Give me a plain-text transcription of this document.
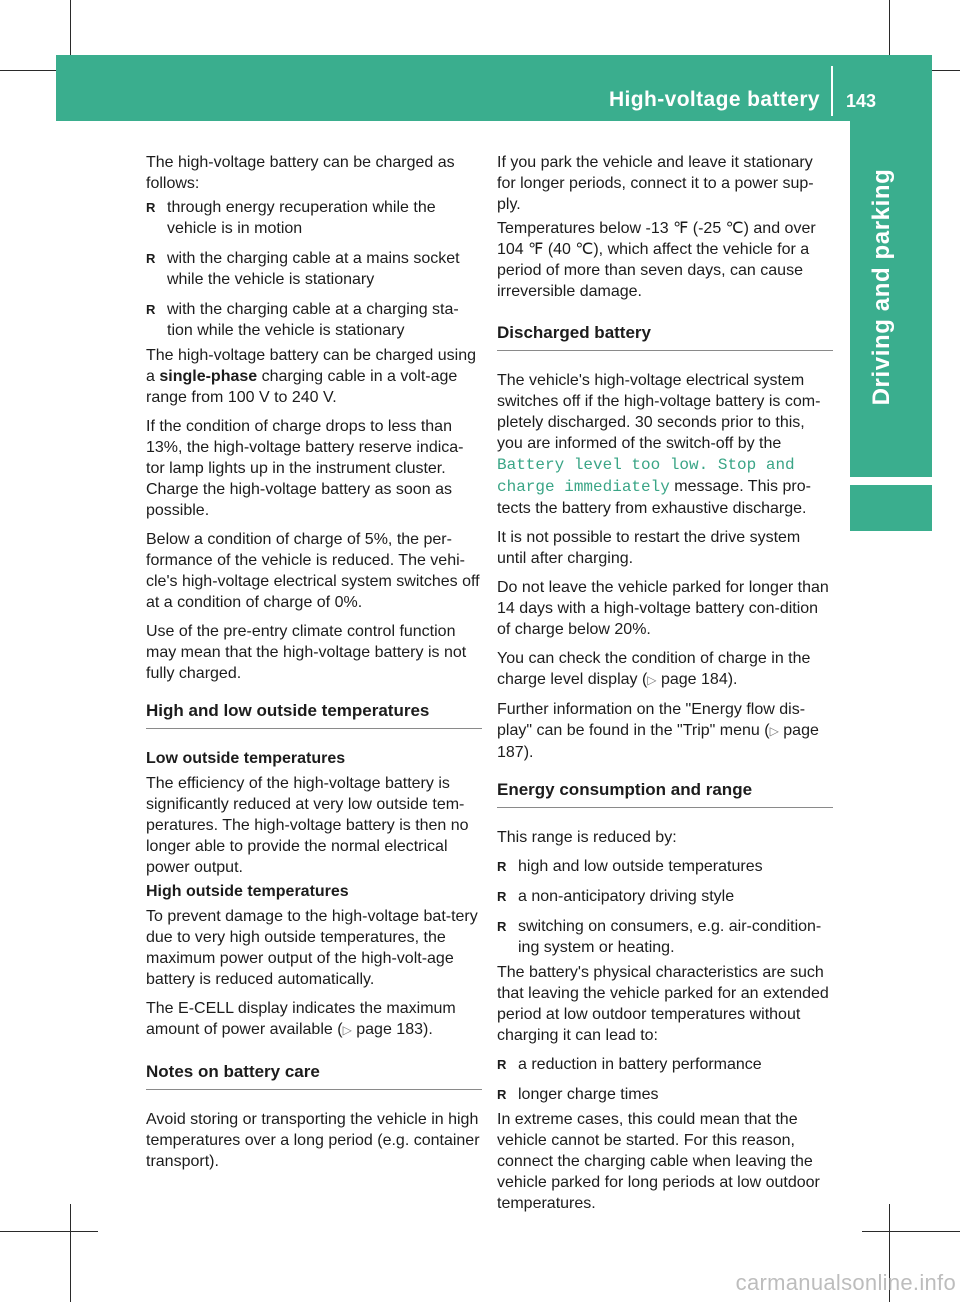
High-voltage battery 143
Driving and parking

The high-voltage battery can be charged as follows:

R through energy recuperation while the vehicle is in motion
R with the charging cable at a mains socket while the vehicle is stationary
R with the charging cable at a charging sta-tion while the vehicle is stationary

The high-voltage battery can be charged using a single-phase charging cable in a volt-age range from 100 V to 240 V.

If the condition of charge drops to less than 13%, the high-voltage battery reserve indica-tor lamp lights up in the instrument cluster. Charge the high-voltage battery as soon as possible.

Below a condition of charge of 5%, the per-formance of the vehicle is reduced. The vehi-cle's high-voltage electrical system switches off at a condition of charge of 0%.

Use of the pre-entry climate control function may mean that the high-voltage battery is not fully charged.

High and low outside temperatures
Low outside temperatures

The efficiency of the high-voltage battery is significantly reduced at very low outside tem-peratures. The high-voltage battery is then no longer able to provide the normal electrical power output.

High outside temperatures

To prevent damage to the high-voltage bat-tery due to very high outside temperatures, the maximum power output of the high-volt-age battery is reduced automatically.

The E-CELL display indicates the maximum amount of power available (▷ page 183).

Notes on battery care

Avoid storing or transporting the vehicle in high temperatures over a long period (e.g. container transport).

If you park the vehicle and leave it stationary for longer periods, connect it to a power sup-ply.

Temperatures below -13 ℉ (-25 ℃) and over 104 ℉ (40 ℃), which affect the vehicle for a period of more than seven days, can cause irreversible damage.

Discharged battery

The vehicle's high-voltage electrical system switches off if the high-voltage battery is com-pletely discharged. 30 seconds prior to this, you are informed of the switch-off by the Battery level too low. Stop and charge immediately message. This pro-tects the battery from exhaustive discharge.

It is not possible to restart the drive system until after charging.

Do not leave the vehicle parked for longer than 14 days with a high-voltage battery con-dition of charge below 20%.

You can check the condition of charge in the charge level display (▷ page 184).

Further information on the "Energy flow dis-play" can be found in the "Trip" menu (▷ page 187).

Energy consumption and range

This range is reduced by:

R high and low outside temperatures
R a non-anticipatory driving style
R switching on consumers, e.g. air-condition-ing system or heating.

The battery's physical characteristics are such that leaving the vehicle parked for an extended period at low outdoor temperatures without charging it can lead to:

R a reduction in battery performance
R longer charge times

In extreme cases, this could mean that the vehicle cannot be started. For this reason, connect the charging cable when leaving the vehicle parked for long periods at low outdoor temperatures.

carmanualsonline.info
